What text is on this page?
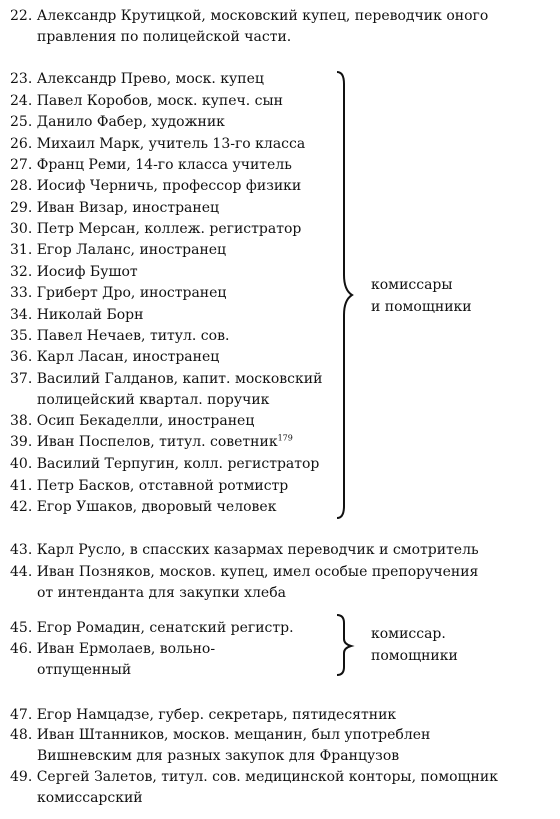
22. Александр Крутицкой, московский купец, переводчик оного
правления по полицейской части.
23. Александр Прево, моск. купец
24. Павел Коробов, моск. купеч. сын
25. Данило Фабер, художник
26. Михаил Марк, учитель 13-го класса
27. Франц Реми, 14-го класса учитель
28. Иосиф Черничь, профессор физики
29. Иван Визар, иностранец
30. Петр Мерсан, коллеж. регистратор
31. Егор Лаланс, иностранец
32. Иосиф Бушот
33. Гриберт Дро, иностранец
34. Николай Борн
35. Павел Нечаев, титул. сов.
36. Карл Ласан, иностранец
37. Василий Галданов, капит. московский
полицейский квартал. поручик
38. Осип Бекаделли, иностранец
39. Иван Поспелов, титул. советник$^{179}$
40. Василий Терпугин, колл. регистратор
41. Петр Басков, отставной ротмистр
42. Егор Ушаков, дворовый человек
43. Карл Русло, в спасских казармах переводчик и смотритель
44. Иван Позняков, москов. купец, имел особые препоручения
от интенданта для закупки хлеба
45. Егор Ромадин, сенатский регистр.
46. Иван Ермолаев, вольно-
отпущенный
47. Егор Намцадзе, губер. секретарь, пятидесятник
48. Иван Штанников, москов. мещанин, был употреблен
Вишневским для разных закупок для Французов
49. Сергей Залетов, титул. сов. медицинской конторы, помощник
комиссарский
комиссары
и помощники
комиссар.
помощники
